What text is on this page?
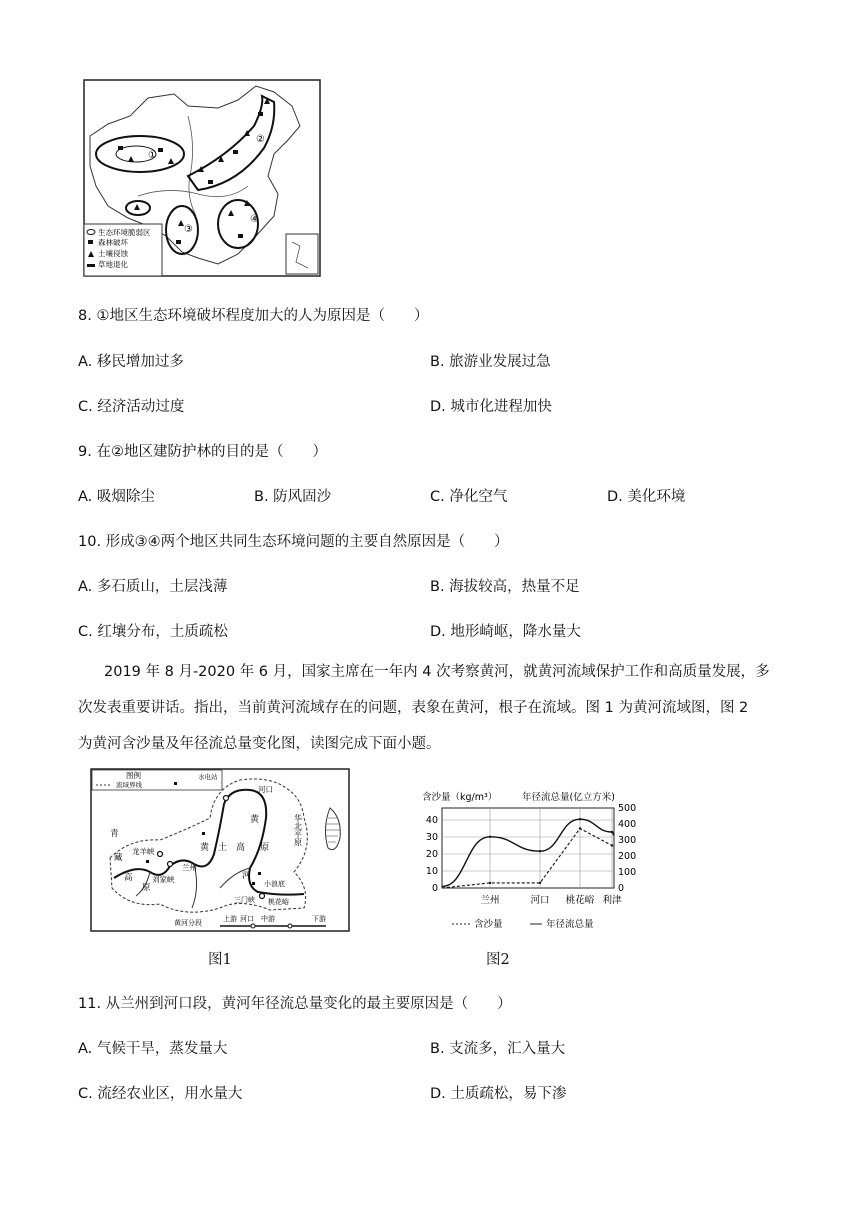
①
②
③
④
生态环境脆弱区
森林破坏
土壤侵蚀
草地退化
8. ①地区生态环境破坏程度加大的人为原因是（　　）
A. 移民增加过多	B. 旅游业发展过急
C. 经济活动过度	D. 城市化进程加快
9. 在②地区建防护林的目的是（　　）
A. 吸烟除尘	B. 防风固沙	C. 净化空气	D. 美化环境
10. 形成③④两个地区共同生态环境问题的主要自然原因是（　　）
A. 多石质山，土层浅薄	B. 海拔较高，热量不足
C. 红壤分布，土质疏松	D. 地形崎岖，降水量大
2019 年 8 月-2020 年 6 月，国家主席在一年内 4 次考察黄河，就黄河流域保护工作和高质量发展，多
次发表重要讲话。指出，当前黄河流域存在的问题，表象在黄河，根子在流域。图 1 为黄河流域图，图 2
为黄河含沙量及年径流总量变化图，读图完成下面小题。
图例
流域界线
水电站
河口
黄
青
藏
高
原
龙羊峡
兰州
刘家峡
黄　土　高 原
河
小浪底
三门峡 桃花峪
华北平原
黄河分段	上游 河口 中游	下游
图1
含沙量（kg/m³）	年径流总量(亿立方米)
40
30
20
10
0
500
400
300
200
100
0
兰州	河口 桃花峪 利津
含沙量	年径流总量
图2
11. 从兰州到河口段，黄河年径流总量变化的最主要原因是（　　）
A. 气候干旱，蒸发量大	B. 支流多，汇入量大
C. 流经农业区，用水量大	D. 土质疏松，易下渗
